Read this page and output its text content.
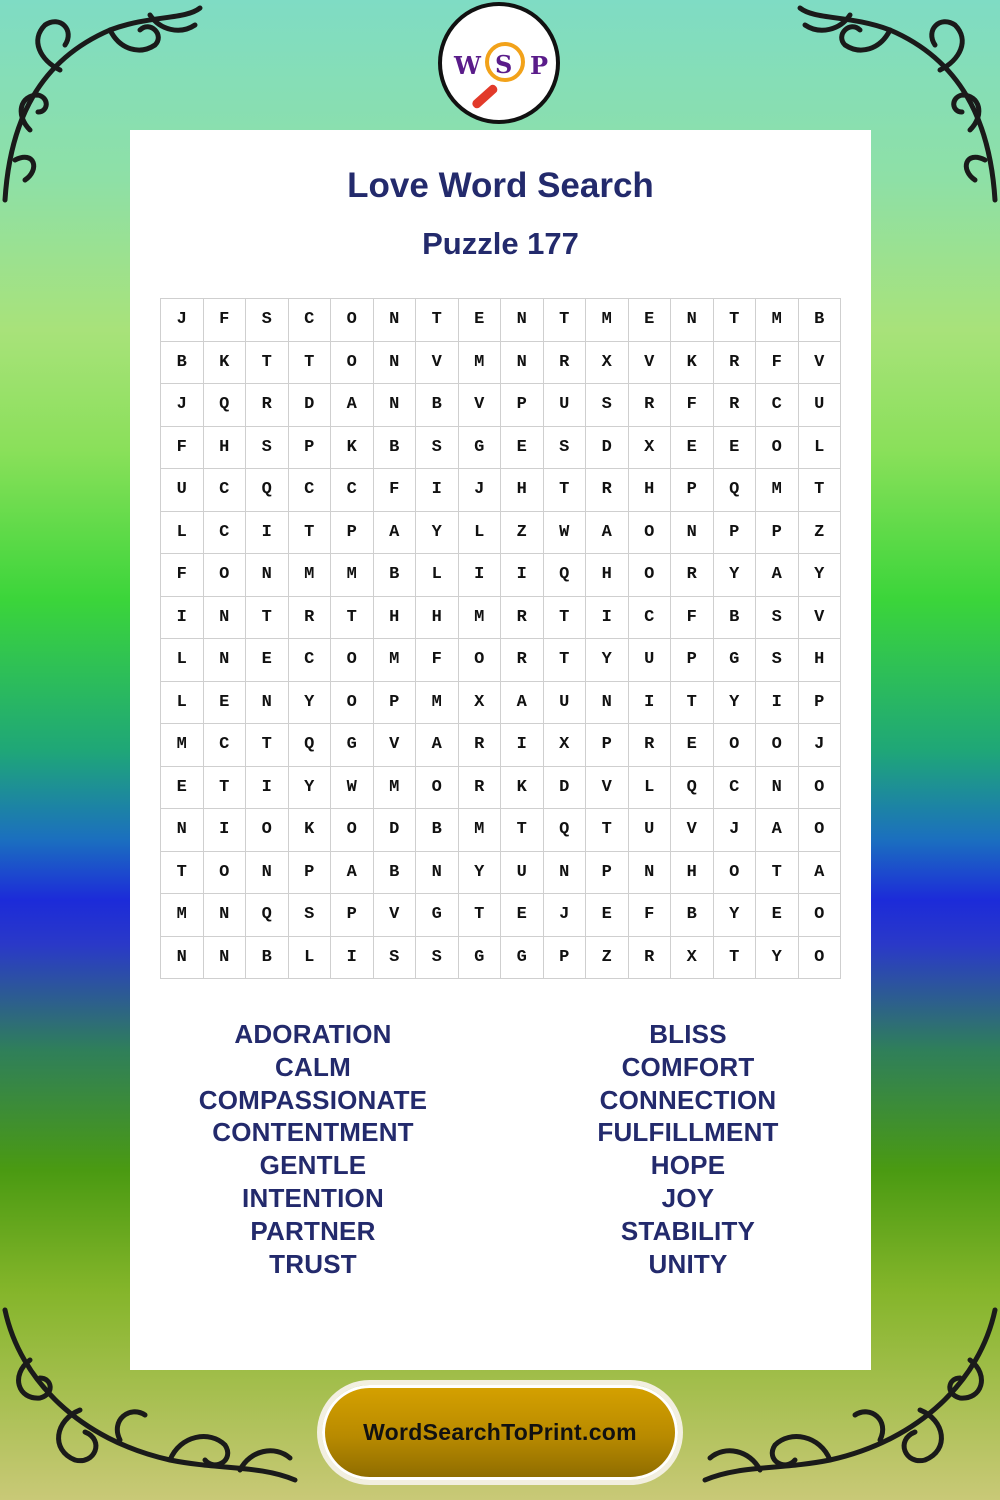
W S P
Love Word Search
Puzzle 177
J	F	S	C	O	N	T	E	N	T	M	E	N	T	M	B
B	K	T	T	O	N	V	M	N	R	X	V	K	R	F	V
J	Q	R	D	A	N	B	V	P	U	S	R	F	R	C	U
F	H	S	P	K	B	S	G	E	S	D	X	E	E	O	L
U	C	Q	C	C	F	I	J	H	T	R	H	P	Q	M	T
L	C	I	T	P	A	Y	L	Z	W	A	O	N	P	P	Z
F	O	N	M	M	B	L	I	I	Q	H	O	R	Y	A	Y
I	N	T	R	T	H	H	M	R	T	I	C	F	B	S	V
L	N	E	C	O	M	F	O	R	T	Y	U	P	G	S	H
L	E	N	Y	O	P	M	X	A	U	N	I	T	Y	I	P
M	C	T	Q	G	V	A	R	I	X	P	R	E	O	O	J
E	T	I	Y	W	M	O	R	K	D	V	L	Q	C	N	O
N	I	O	K	O	D	B	M	T	Q	T	U	V	J	A	O
T	O	N	P	A	B	N	Y	U	N	P	N	H	O	T	A
M	N	Q	S	P	V	G	T	E	J	E	F	B	Y	E	O
N	N	B	L	I	S	S	G	G	P	Z	R	X	T	Y	O
ADORATION
CALM
COMPASSIONATE
CONTENTMENT
GENTLE
INTENTION
PARTNER
TRUST
BLISS
COMFORT
CONNECTION
FULFILLMENT
HOPE
JOY
STABILITY
UNITY
WordSearchToPrint.com
